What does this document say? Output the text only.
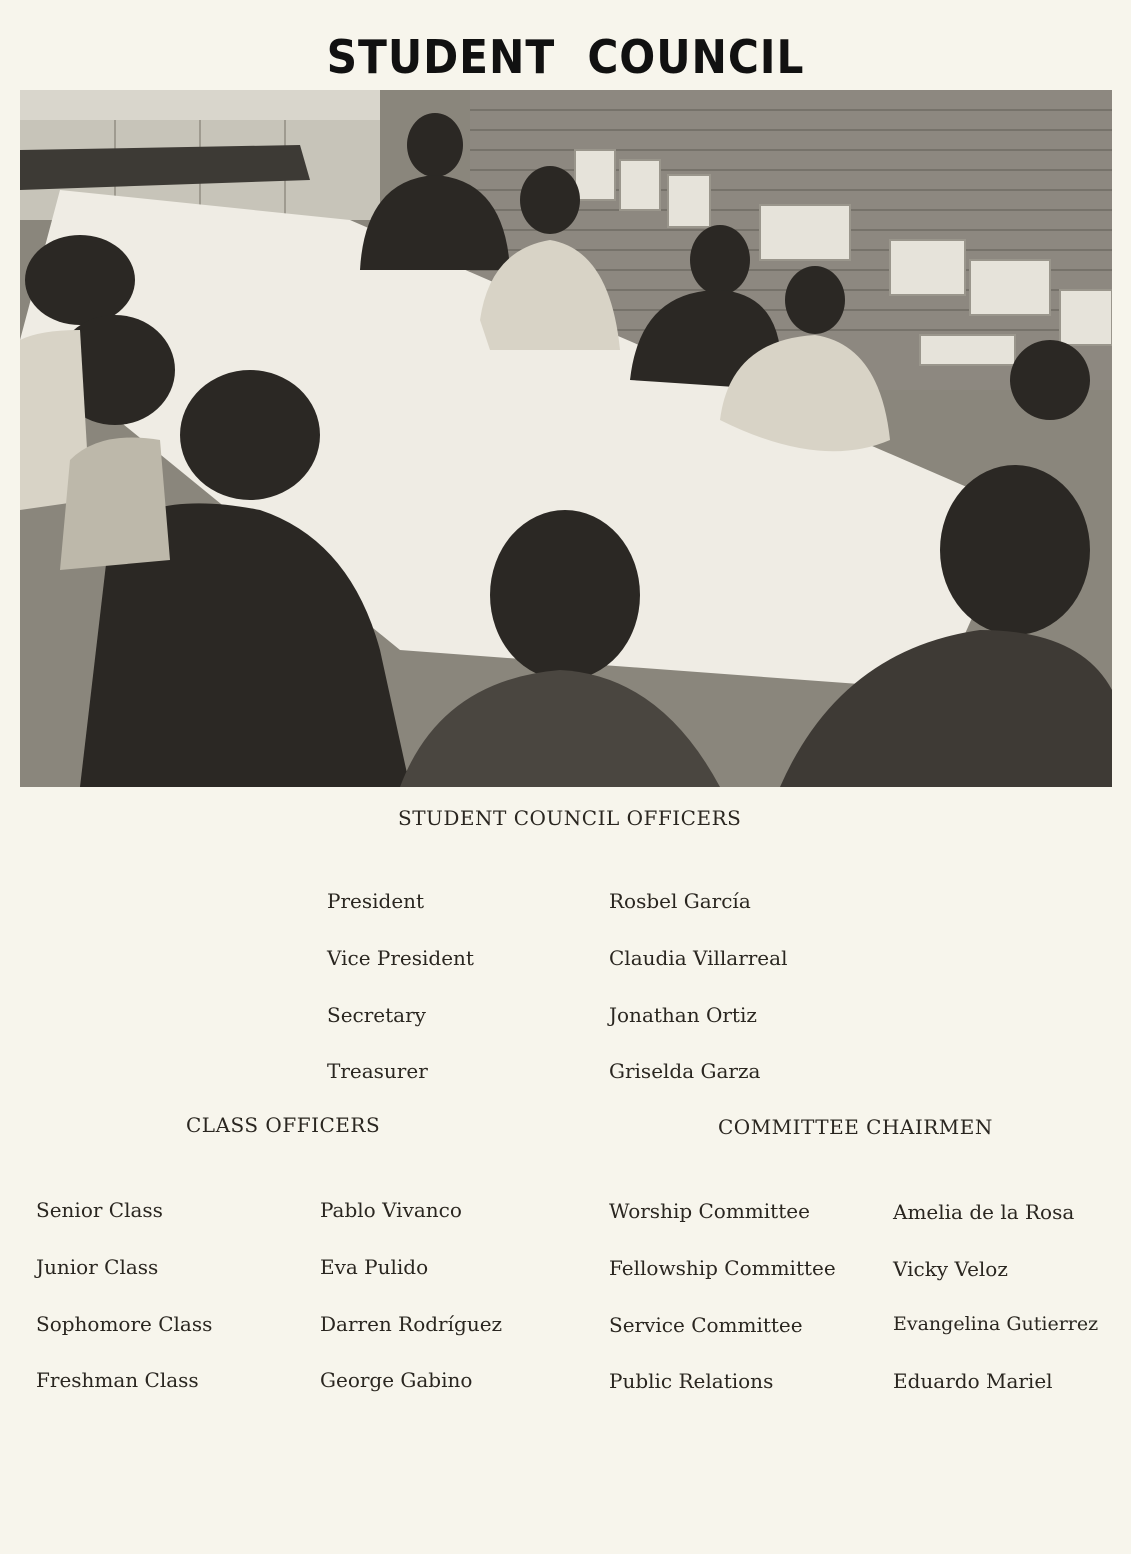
STUDENT COUNCIL
STUDENT COUNCIL OFFICERS
President	Rosbel García
Vice President	Claudia Villarreal
Secretary	Jonathan Ortiz
Treasurer	Griselda Garza
CLASS OFFICERS
Senior Class	Pablo Vivanco
Junior Class	Eva Pulido
Sophomore Class	Darren Rodríguez
Freshman Class	George Gabino
COMMITTEE CHAIRMEN
Worship Committee	Amelia de la Rosa
Fellowship Committee	Vicky Veloz
Service Committee	Evangelina Gutierrez
Public Relations	Eduardo Mariel
